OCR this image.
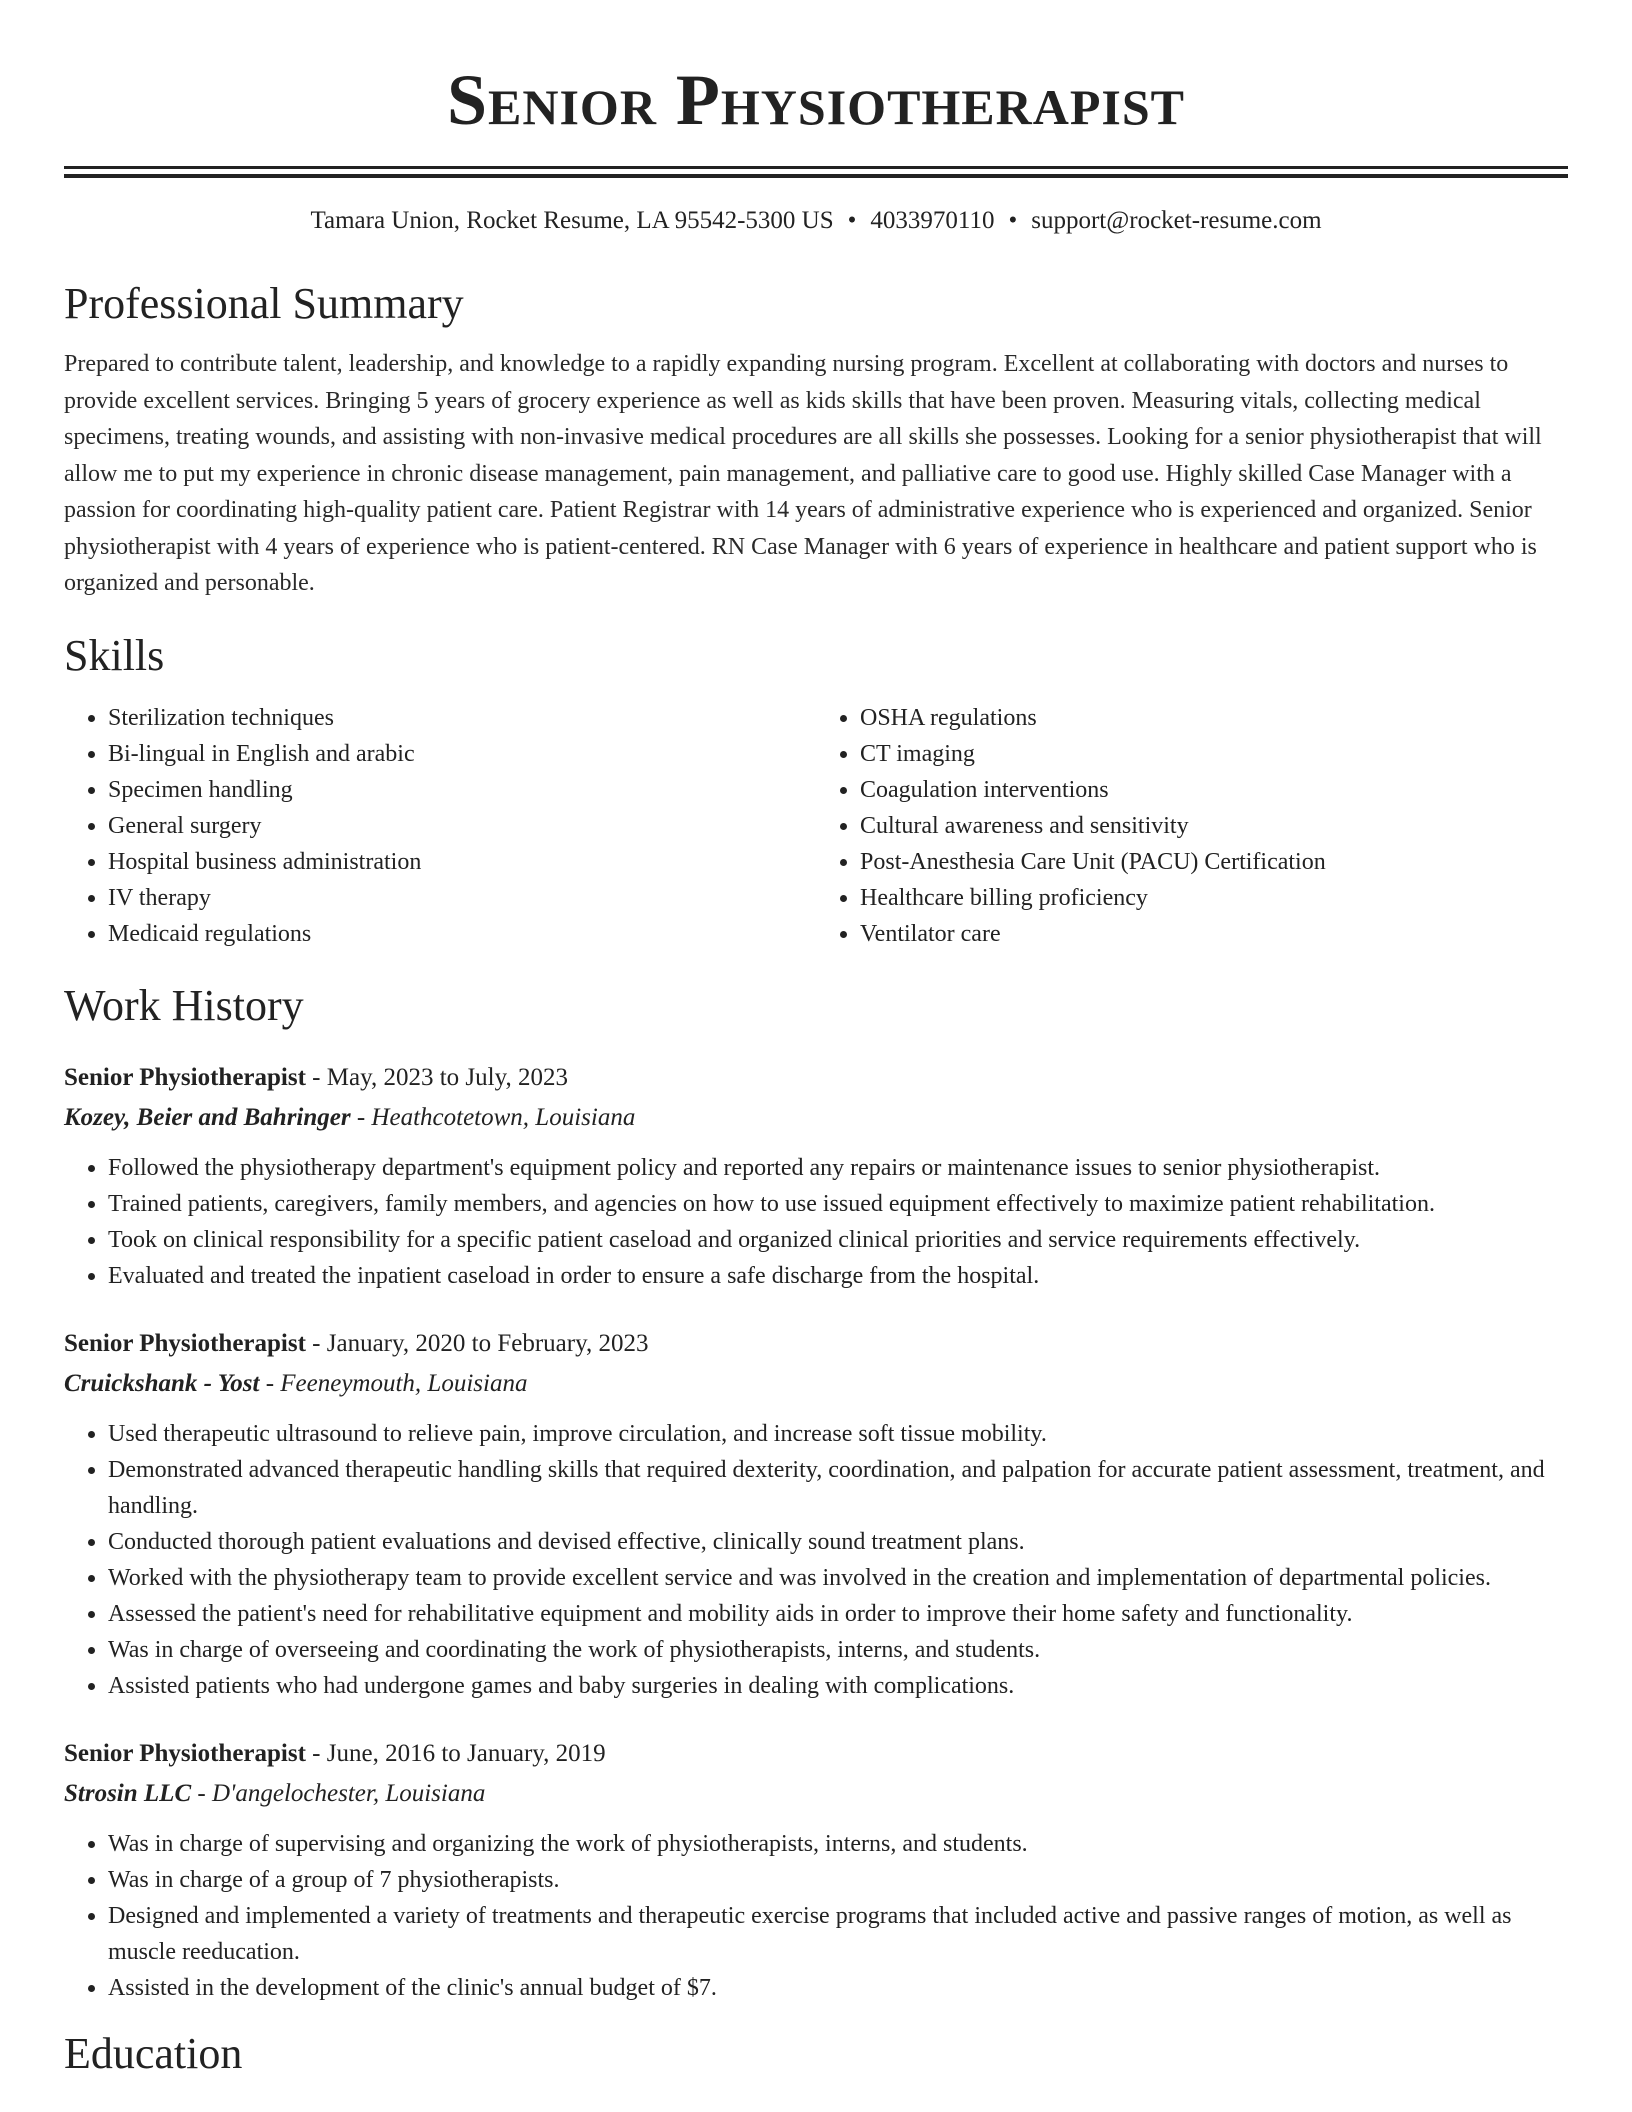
Senior Physiotherapist
Tamara Union, Rocket Resume, LA 95542-5300 US • 4033970110 • support@rocket-resume.com
Professional Summary

Prepared to contribute talent, leadership, and knowledge to a rapidly expanding nursing program. Excellent at collaborating with doctors and nurses to provide excellent services. Bringing 5 years of grocery experience as well as kids skills that have been proven. Measuring vitals, collecting medical specimens, treating wounds, and assisting with non-invasive medical procedures are all skills she possesses. Looking for a senior physiotherapist that will allow me to put my experience in chronic disease management, pain management, and palliative care to good use. Highly skilled Case Manager with a passion for coordinating high-quality patient care. Patient Registrar with 14 years of administrative experience who is experienced and organized. Senior physiotherapist with 4 years of experience who is patient-centered. RN Case Manager with 6 years of experience in healthcare and patient support who is organized and personable.

Skills
• Sterilization techniques
• Bi-lingual in English and arabic
• Specimen handling
• General surgery
• Hospital business administration
• IV therapy
• Medicaid regulations
• OSHA regulations
• CT imaging
• Coagulation interventions
• Cultural awareness and sensitivity
• Post-Anesthesia Care Unit (PACU) Certification
• Healthcare billing proficiency
• Ventilator care
Work History
Senior Physiotherapist - May, 2023 to July, 2023
Kozey, Beier and Bahringer - Heathcotetown, Louisiana
• Followed the physiotherapy department's equipment policy and reported any repairs or maintenance issues to senior physiotherapist.
• Trained patients, caregivers, family members, and agencies on how to use issued equipment effectively to maximize patient rehabilitation.
• Took on clinical responsibility for a specific patient caseload and organized clinical priorities and service requirements effectively.
• Evaluated and treated the inpatient caseload in order to ensure a safe discharge from the hospital.
Senior Physiotherapist - January, 2020 to February, 2023
Cruickshank - Yost - Feeneymouth, Louisiana
• Used therapeutic ultrasound to relieve pain, improve circulation, and increase soft tissue mobility.
• Demonstrated advanced therapeutic handling skills that required dexterity, coordination, and palpation for accurate patient assessment, treatment, and handling.
• Conducted thorough patient evaluations and devised effective, clinically sound treatment plans.
• Worked with the physiotherapy team to provide excellent service and was involved in the creation and implementation of departmental policies.
• Assessed the patient's need for rehabilitative equipment and mobility aids in order to improve their home safety and functionality.
• Was in charge of overseeing and coordinating the work of physiotherapists, interns, and students.
• Assisted patients who had undergone games and baby surgeries in dealing with complications.
Senior Physiotherapist - June, 2016 to January, 2019
Strosin LLC - D'angelochester, Louisiana
• Was in charge of supervising and organizing the work of physiotherapists, interns, and students.
• Was in charge of a group of 7 physiotherapists.
• Designed and implemented a variety of treatments and therapeutic exercise programs that included active and passive ranges of motion, as well as muscle reeducation.
• Assisted in the development of the clinic's annual budget of $7.
Education
